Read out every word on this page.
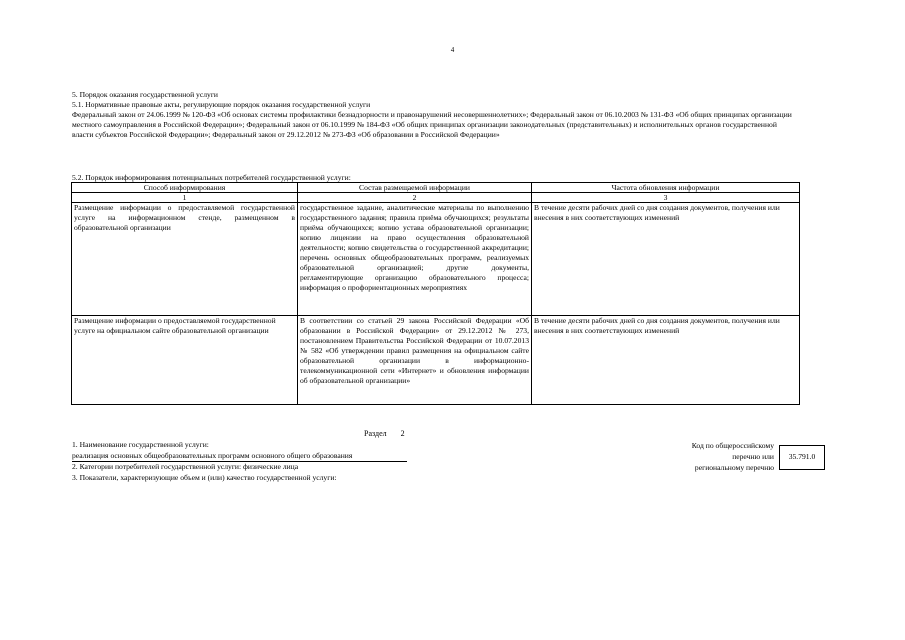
4

5. Порядок оказания государственной услуги

5.1. Нормативные правовые акты, регулирующие порядок оказания государственной услуги

Федеральный закон от 24.06.1999 № 120-ФЗ «Об основах системы профилактики безнадзорности и правонарушений несовершеннолетних»; Федеральный закон от 06.10.2003 № 131-ФЗ «Об общих принципах организации местного самоуправления в Российской Федерации»; Федеральный закон от 06.10.1999 № 184-ФЗ «Об общих принципах организации законодательных (представительных) и исполнительных органов государственной власти субъектов Российской Федерации»; Федеральный закон от 29.12.2012 № 273-ФЗ «Об образовании в Российской Федерации»

5.2. Порядок информирования потенциальных потребителей государственной услуги:
Способ информирования	Состав размещаемой информации	Частота обновления информации
1	2	3
Размещение информации о предоставляемой государственной услуге на информационном стенде, размещенном в образовательной организации	государственное задание, аналитические материалы по выполнению государственного задания; правила приёма обучающихся; результаты приёма обучающихся; копию устава образовательной организации; копию лицензии на право осуществления образовательной деятельности; копию свидетельства о государственной аккредитации; перечень основных общеобразовательных программ, реализуемых образовательной организацией; другие документы, регламентирующие организацию образовательного процесса; информация о профориентационных мероприятиях	В течение десяти рабочих дней со дня создания документов, получения или внесения в них соответствующих изменений
Размещение информации о предоставляемой государственной услуге на официальном сайте образовательной организации	В соответствии со статьей 29 закона Российской Федерации «Об образовании в Российской Федерации» от 29.12.2012 № 273, постановлением Правительства Российской Федерации от 10.07.2013 № 582 «Об утверждении правил размещения на официальном сайте образовательной организации в информационно-телекоммуникационной сети «Интернет» и обновления информации об образовательной организации»	В течение десяти рабочих дней со дня создания документов, получения или внесения в них соответствующих изменений
Раздел 2
1. Наименование государственной услуги:
реализация основных общеобразовательных программ основного общего образования
2. Категории потребителей государственной услуги: физические лица
3. Показатели, характеризующие объем и (или) качество государственной услуги:
Код по общероссийскому
перечню или
региональному перечню
35.791.0
